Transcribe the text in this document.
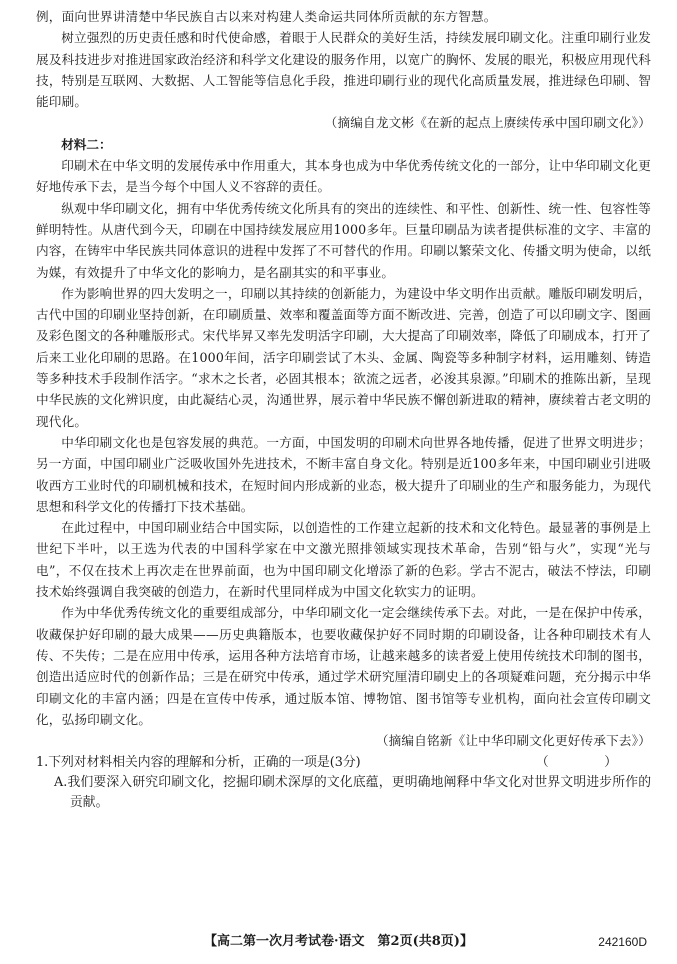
例，面向世界讲清楚中华民族自古以来对构建人类命运共同体所贡献的东方智慧。

树立强烈的历史责任感和时代使命感，着眼于人民群众的美好生活，持续发展印刷文化。注重印刷行业发展及科技进步对推进国家政治经济和科学文化建设的服务作用，以宽广的胸怀、发展的眼光，积极应用现代科技，特别是互联网、大数据、人工智能等信息化手段，推进印刷行业的现代化高质量发展，推进绿色印刷、智能印刷。

（摘编自龙文彬《在新的起点上赓续传承中国印刷文化》）

材料二：

印刷术在中华文明的发展传承中作用重大，其本身也成为中华优秀传统文化的一部分，让中华印刷文化更好地传承下去，是当今每个中国人义不容辞的责任。

纵观中华印刷文化，拥有中华优秀传统文化所具有的突出的连续性、和平性、创新性、统一性、包容性等鲜明特性。从唐代到今天，印刷在中国持续发展应用1000多年。巨量印刷品为读者提供标准的文字、丰富的内容，在铸牢中华民族共同体意识的进程中发挥了不可替代的作用。印刷以繁荣文化、传播文明为使命，以纸为媒，有效提升了中华文化的影响力，是名副其实的和平事业。

作为影响世界的四大发明之一，印刷以其持续的创新能力，为建设中华文明作出贡献。雕版印刷发明后，古代中国的印刷业坚持创新，在印刷质量、效率和覆盖面等方面不断改进、完善，创造了可以印刷文字、图画及彩色图文的各种雕版形式。宋代毕昇又率先发明活字印刷，大大提高了印刷效率，降低了印刷成本，打开了后来工业化印刷的思路。在1000年间，活字印刷尝试了木头、金属、陶瓷等多种制字材料，运用雕刻、铸造等多种技术手段制作活字。“求木之长者，必固其根本；欲流之远者，必浚其泉源。”印刷术的推陈出新，呈现中华民族的文化辨识度，由此凝结心灵，沟通世界，展示着中华民族不懈创新进取的精神，赓续着古老文明的现代化。

中华印刷文化也是包容发展的典范。一方面，中国发明的印刷术向世界各地传播，促进了世界文明进步；另一方面，中国印刷业广泛吸收国外先进技术，不断丰富自身文化。特别是近100多年来，中国印刷业引进吸收西方工业时代的印刷机械和技术，在短时间内形成新的业态，极大提升了印刷业的生产和服务能力，为现代思想和科学文化的传播打下技术基础。

在此过程中，中国印刷业结合中国实际，以创造性的工作建立起新的技术和文化特色。最显著的事例是上世纪下半叶，以王选为代表的中国科学家在中文激光照排领域实现技术革命，告别“铅与火”，实现“光与电”，不仅在技术上再次走在世界前面，也为中国印刷文化增添了新的色彩。学古不泥古，破法不悖法，印刷技术始终强调自我突破的创造力，在新时代里同样成为中国文化软实力的证明。

作为中华优秀传统文化的重要组成部分，中华印刷文化一定会继续传承下去。对此，一是在保护中传承，收藏保护好印刷的最大成果——历史典籍版本，也要收藏保护好不同时期的印刷设备，让各种印刷技术有人传、不失传；二是在应用中传承，运用各种方法培育市场，让越来越多的读者爱上使用传统技术印制的图书，创造出适应时代的创新作品；三是在研究中传承，通过学术研究厘清印刷史上的各项疑难问题，充分揭示中华印刷文化的丰富内涵；四是在宣传中传承，通过版本馆、博物馆、图书馆等专业机构，面向社会宣传印刷文化，弘扬印刷文化。

（摘编自铭新《让中华印刷文化更好传承下去》）

1.下列对材料相关内容的理解和分析，正确的一项是(3分)	（　　）
A.我们要深入研究印刷文化，挖掘印刷术深厚的文化底蕴，更明确地阐释中华文化对世界文明进步所作的贡献。
【高二第一次月考试卷·语文　第2页(共8页)】	242160D
